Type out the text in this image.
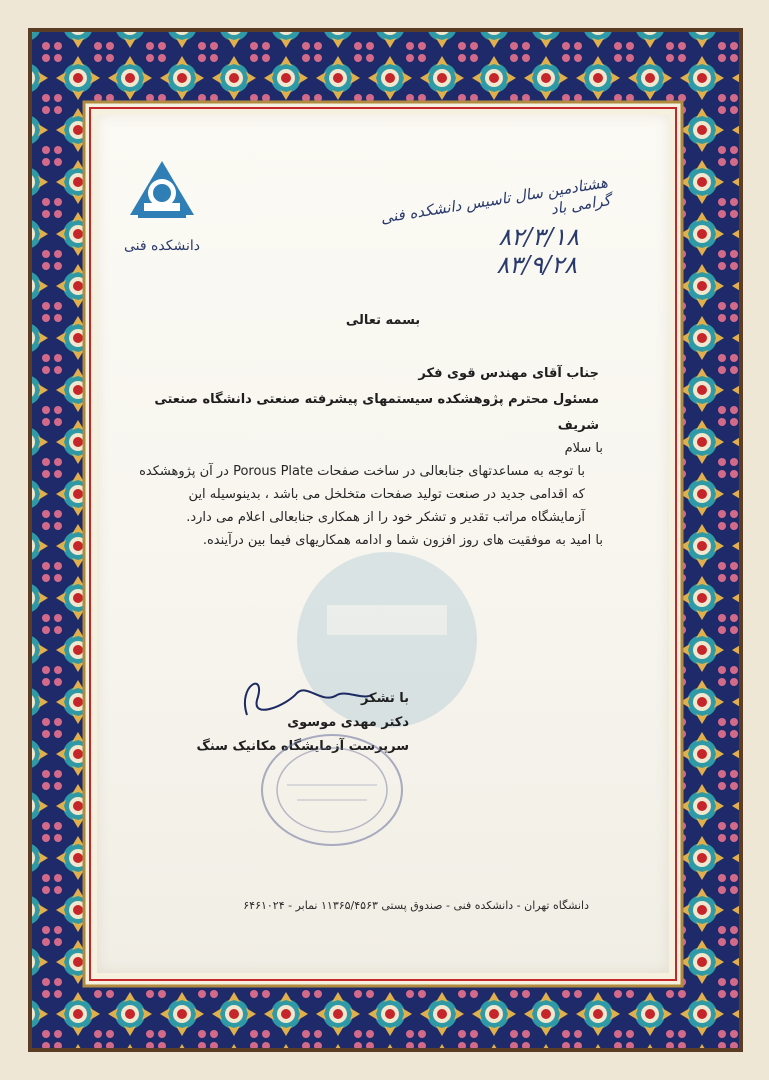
دانشکده فنی
هشتادمین سال تاسیس دانشکده فنی گرامی باد
۸۲/۳/۱۸
۸۳/۹/۲۸
بسمه تعالی
جناب آقای مهندس قوی فکر
مسئول محترم پژوهشکده سیستمهای پیشرفته صنعتی دانشگاه صنعتی شریف

با سلام

با توجه به مساعدتهای جنابعالی در ساخت صفحات Porous Plate در آن پژوهشکده که اقدامی جدید در صنعت تولید صفحات متخلخل می باشد ، بدینوسیله این آزمایشگاه مراتب تقدیر و تشکر خود را از همکاری جنابعالی اعلام می دارد.

با امید به موفقیت های روز افزون شما و ادامه همکاریهای فیما بین درآینده.

با تشکر
دکتر مهدی موسوی
سرپرست آزمایشگاه مکانیک سنگ
دانشگاه تهران - دانشکده فنی - صندوق پستی ۱۱۳۶۵/۴۵۶۳ نمابر - ۶۴۶۱۰۲۴
